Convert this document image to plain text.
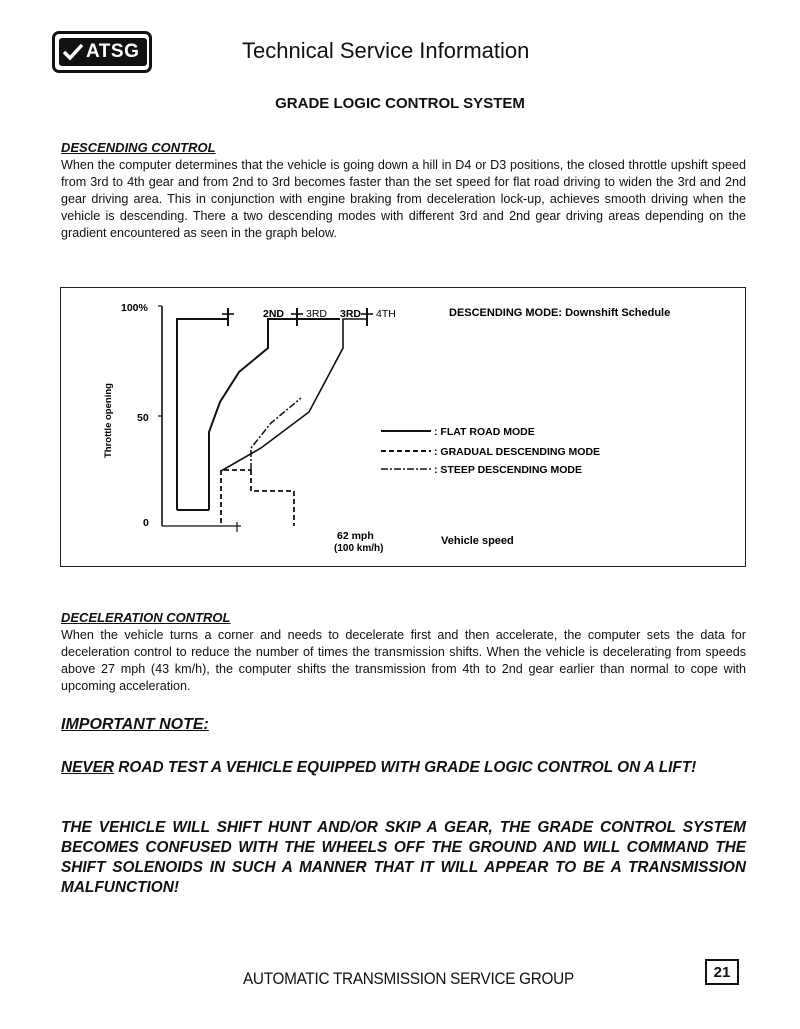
ATSG	Technical Service Information
GRADE LOGIC CONTROL SYSTEM
DESCENDING CONTROL
When the computer determines that the vehicle is going down a hill in D4 or D3 positions, the closed throttle upshift speed from 3rd to 4th gear and from 2nd to 3rd becomes faster than the set speed for flat road driving to widen the 3rd and 2nd gear driving area. This in conjunction with engine braking from deceleration lock-up, achieves smooth driving when the vehicle is descending. There a two descending modes with different 3rd and 2nd gear driving areas depending on the gradient encountered as seen in the graph below.
100%
50
0
Throttle opening
2ND 3RD 3RD 4TH	DESCENDING MODE: Downshift Schedule
: FLAT ROAD MODE
: GRADUAL DESCENDING MODE
: STEEP DESCENDING MODE
62 mph
(100 km/h)
Vehicle speed
DECELERATION CONTROL
When the vehicle turns a corner and needs to decelerate first and then accelerate, the computer sets the data for deceleration control to reduce the number of times the transmission shifts. When the vehicle is decelerating from speeds above 27 mph (43 km/h), the computer shifts the transmission from 4th to 2nd gear earlier than normal to cope with upcoming acceleration.
IMPORTANT NOTE:
NEVER ROAD TEST A VEHICLE EQUIPPED WITH GRADE LOGIC CONTROL ON A LIFT!
THE VEHICLE WILL SHIFT HUNT AND/OR SKIP A GEAR, THE GRADE CONTROL SYSTEM BECOMES CONFUSED WITH THE WHEELS OFF THE GROUND AND WILL COMMAND THE SHIFT SOLENOIDS IN SUCH A MANNER THAT IT WILL APPEAR TO BE A TRANSMISSION MALFUNCTION!
AUTOMATIC TRANSMISSION SERVICE GROUP	21
